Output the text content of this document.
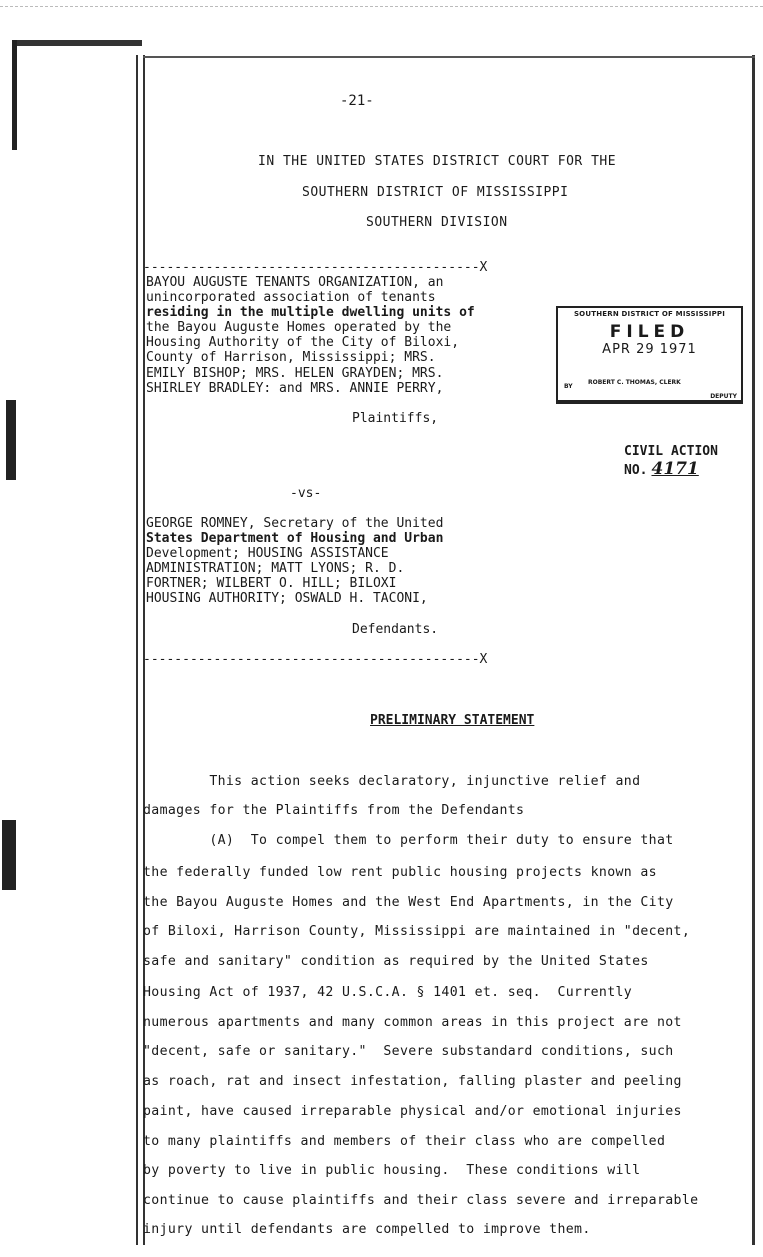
-21-
IN THE UNITED STATES DISTRICT COURT FOR THE
SOUTHERN DISTRICT OF MISSISSIPPI
SOUTHERN DIVISION
-------------------------------------------X
BAYOU AUGUSTE TENANTS ORGANIZATION, an
unincorporated association of tenants
residing in the multiple dwelling units of
the Bayou Auguste Homes operated by the
Housing Authority of the City of Biloxi,
County of Harrison, Mississippi; MRS.
EMILY BISHOP; MRS. HELEN GRAYDEN; MRS.
SHIRLEY BRADLEY: and MRS. ANNIE PERRY,
Plaintiffs,
SOUTHERN DISTRICT OF MISSISSIPPI
FILED
APR 29 1971
BY
ROBERT C. THOMAS, CLERK
DEPUTY
CIVIL ACTION
NO. 4171
-vs-
GEORGE ROMNEY, Secretary of the United
States Department of Housing and Urban
Development; HOUSING ASSISTANCE
ADMINISTRATION; MATT LYONS; R. D.
FORTNER; WILBERT O. HILL; BILOXI
HOUSING AUTHORITY; OSWALD H. TACONI,
Defendants.
-------------------------------------------X
PRELIMINARY STATEMENT
This action seeks declaratory, injunctive relief and
damages for the Plaintiffs from the Defendants
(A)  To compel them to perform their duty to ensure that
the federally funded low rent public housing projects known as
the Bayou Auguste Homes and the West End Apartments, in the City
of Biloxi, Harrison County, Mississippi are maintained in "decent,
safe and sanitary" condition as required by the United States
Housing Act of 1937, 42 U.S.C.A. § 1401 et. seq.  Currently
numerous apartments and many common areas in this project are not
"decent, safe or sanitary."  Severe substandard conditions, such
as roach, rat and insect infestation, falling plaster and peeling
paint, have caused irreparable physical and/or emotional injuries
to many plaintiffs and members of their class who are compelled
by poverty to live in public housing.  These conditions will
continue to cause plaintiffs and their class severe and irreparable
injury until defendants are compelled to improve them.
